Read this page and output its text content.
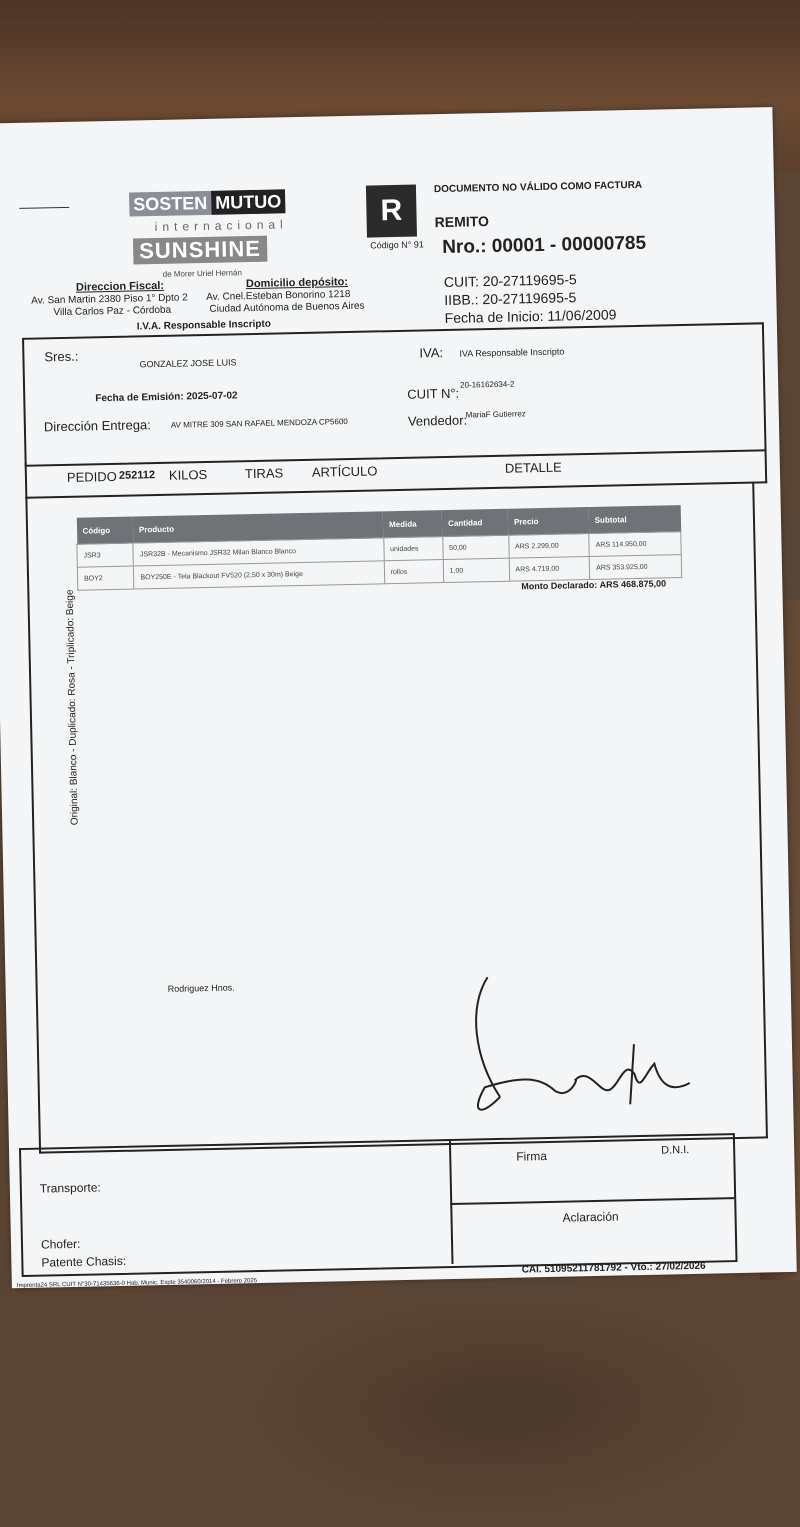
SOSTEN MUTUO
internacional
SUNSHINE
de Morer Uriel Hernán
R
Código N° 91
DOCUMENTO NO VÁLIDO COMO FACTURA
REMITO
Nro.: 00001 - 00000785
CUIT: 20-27119695-5
IIBB.: 20-27119695-5
Fecha de Inicio: 11/06/2009
Direccion Fiscal:
Av. San Martin 2380 Piso 1° Dpto 2
Villa Carlos Paz - Córdoba
Domicilio depósito:
Av. Cnel.Esteban Bonorino 1218
Ciudad Autónoma de Buenos Aires
I.V.A. Responsable Inscripto
Sres.:	GONZALEZ JOSE LUIS
IVA: IVA Responsable Inscripto
Fecha de Emisión: 2025-07-02	CUIT N°:
20-16162634-2
Dirección Entrega: AV MITRE 309 SAN RAFAEL MENDOZA CP5600	Vendedor:
MariaF Gutierrez
PEDIDO 252112 KILOS	TIRAS ARTÍCULO	DETALLE
Código	Producto	Medida	Cantidad	Precio	Subtotal
JSR3	JSR32B - Mecanismo JSR32 Milan Blanco Blanco	unidades	50,00	ARS 2.299,00	ARS 114.950,00
BOY2	BOY250E - Tela Blackout FV520 (2,50 x 30m) Beige	rollos	1,00	ARS 4.719,00	ARS 353.925,00
Monto Declarado: ARS 468.875,00
Rodriguez Hnos.
Transporte:
Chofer:
Patente Chasis:
Firma	D.N.I.
Aclaración
CAI. 51095211781792 - Vto.: 27/02/2026
Imprenta24 SRL CUIT N°30-71435636-0 Hab. Munic. Expte 3540060/2014 - Febrero 2025
Original: Blanco - Duplicado: Rosa - Triplicado: Beige
